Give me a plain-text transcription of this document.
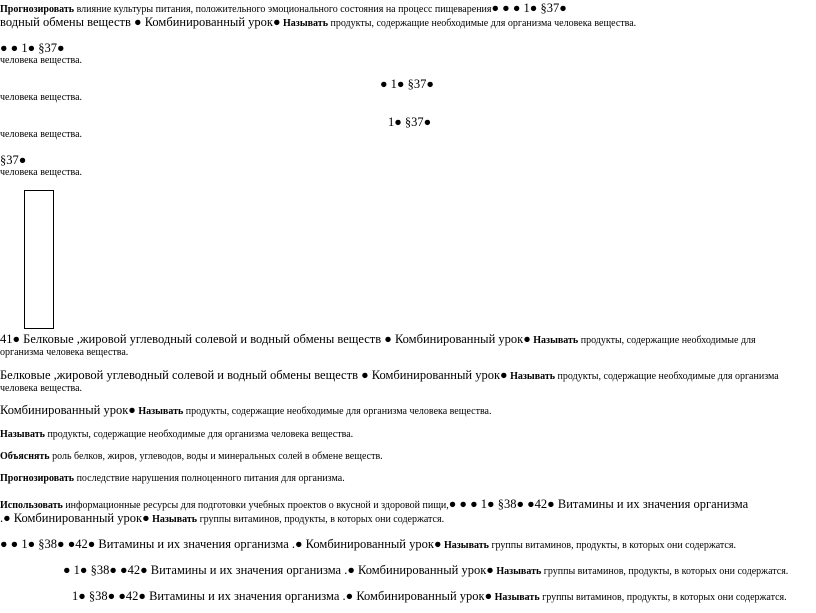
Прогнозировать влияние культуры питания, положительного эмоционального состояния на процесс пищеварения● ● ● 1● §37●
водный обмены веществ ● Комбинированный урок● Называть продукты, содержащие необходимые для организма человека вещества.
● ● 1● §37●
человека вещества.
● 1● §37●
человека вещества.
1● §37●
человека вещества.
§37●
человека вещества.
41● Белковые ,жировой углеводный солевой и водный обмены веществ ● Комбинированный урок● Называть продукты, содержащие необходимые для организма человека вещества.
Белковые ,жировой углеводный солевой и водный обмены веществ ● Комбинированный урок● Называть продукты, содержащие необходимые для организма человека вещества.
Комбинированный урок● Называть продукты, содержащие необходимые для организма человека вещества.
Называть продукты, содержащие необходимые для организма человека вещества.
Объяснять роль белков, жиров, углеводов, воды и минеральных солей в обмене веществ.
Прогнозировать последствие нарушения полноценного питания для организма.
Использовать информационные ресурсы для подготовки учебных проектов о вкусной и здоровой пищи,● ● ● 1● §38● ●42● Витамины и их значения организма
.● Комбинированный урок● Называть группы витаминов, продукты, в которых они содержатся.
● ● 1● §38● ●42● Витамины и их значения организма .● Комбинированный урок● Называть группы витаминов, продукты, в которых они содержатся.
● 1● §38● ●42● Витамины и их значения организма .● Комбинированный урок● Называть группы витаминов, продукты, в которых они содержатся.
1● §38● ●42● Витамины и их значения организма .● Комбинированный урок● Называть группы витаминов, продукты, в которых они содержатся.
